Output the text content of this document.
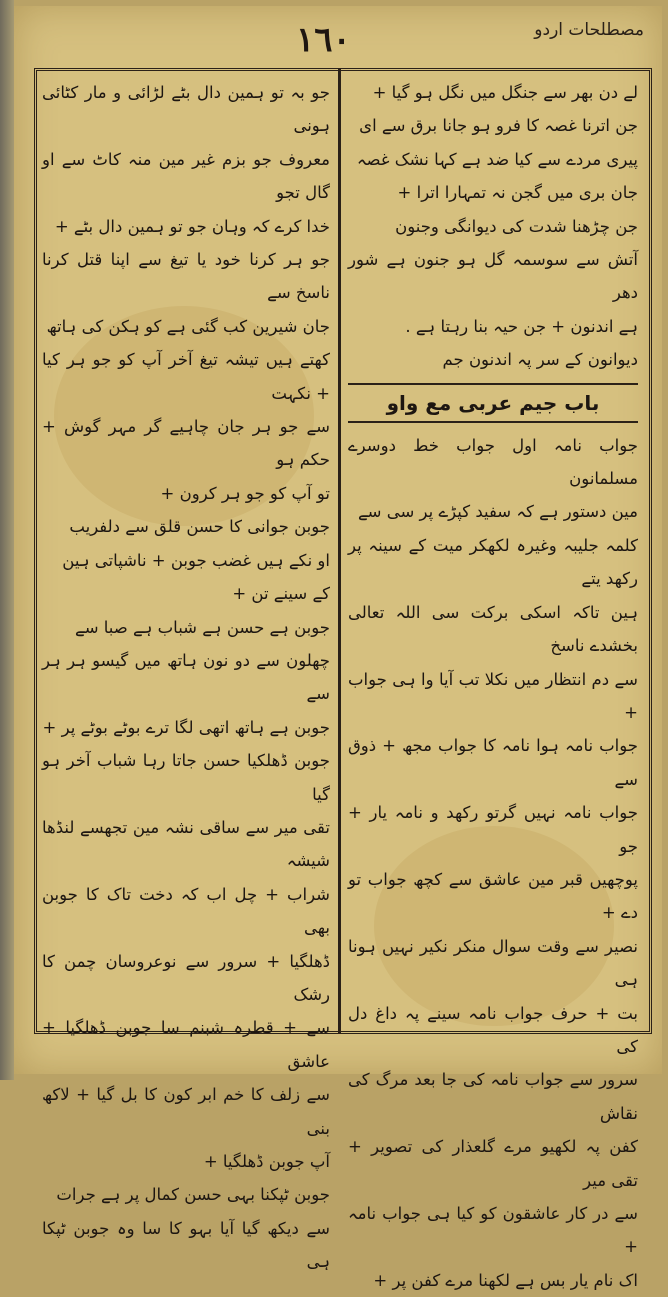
مصطلحات اردو
١٦٠

لے دن بھر سے جنگل میں نگل ہو گیا +

جن اترنا غصہ کا فرو ہو جانا برق سے ای

پیری مردے سے کیا ضد ہے کہا نشک غصہ

جان بری میں گجن نہ تمہارا اترا +

جن چڑھنا شدت کی دیوانگی وجنون

آتش سے سوسمہ گل ہو جنون ہے شور دھر

ہے اندنون + جن حیہ بنا رہتا ہے .

دیوانون کے سر پہ اندنون جم

باب جیم عربی مع واو

جواب نامہ اول جواب خط دوسرے مسلمانون

مین دستور ہے کہ سفید کپڑے پر سی سے

کلمہ جلیبہ وغیرہ لکھکر میت کے سینہ پر رکھد یتے

ہین تاکہ اسکی برکت سی اللہ تعالی بخشدے ناسخ

سے دم انتظار میں نکلا تب آیا وا ہی جواب +

جواب نامہ ہوا نامہ کا جواب مجھ + ذوق سے

جواب نامہ نہیں گرتو رکھد و نامہ یار + جو

پوچھیں قبر مین عاشق سے کچھ جواب تو دے +

نصیر سے وقت سوال منکر نکیر نہیں ہونا ہی

بت + حرف جواب نامہ سینے پہ داغ دل کی

سرور سے جواب نامہ کی جا بعد مرگ کی نقاش

کفن پہ لکھیو مرے گلعذار کی تصویر + تقی میر

سے در کار عاشقون کو کیا ہی جواب نامہ +

اک نام یار بس ہے لکھنا مرے کفن پر +

جو بہ تو ہمین دال بٹے لڑائی و مار کٹائی ہونی

معروف جو بزم غیر مین منہ کاٹ سے او گال تجو

خدا کرے کہ وہان جو تو ہمین دال بٹے +

جو ہر کرنا خود یا تیغ سے اپنا قتل کرنا ناسخ سے

جان شیرین کب گئی ہے کو ہکن کی ہاتھ

کھتے ہیں تیشہ تیغ آخر آپ کو جو ہر کیا + نکہت

سے جو ہر جان چاہیے گر مہر گوش + حکم ہو

تو آپ کو جو ہر کرون +

جوبن جوانی کا حسن قلق سے دلفریب

او نکے ہیں غضب جوبن + ناشپاتی ہین

کے سینے تن +

جوبن ہے حسن ہے شباب ہے صبا سے

چھلون سے دو نون ہاتھ میں گیسو ہر ہر سے

جوبن ہے ہاتھ اتھی لگا ترے بوٹے بوٹے پر +

جوبن ڈھلکیا حسن جاتا رہا شباب آخر ہو گیا

تقی میر سے ساقی نشہ مین تجھسے لنڈھا شیشہ

شراب + چل اب کہ دخت تاک کا جوبن بھی

ڈھلگیا + سرور سے نوعروسان چمن کا رشک

سے + قطرہ شبنم سا جوبن ڈھلگیا + عاشق

سے زلف کا خم ابر کون کا بل گیا + لاکھ بنی

آپ جوبن ڈھلگیا +

جوبن ٹپکنا بہی حسن کمال پر ہے جرات

سے دیکھ گیا آیا بہو کا سا وہ جوبن ٹپکا ہی
